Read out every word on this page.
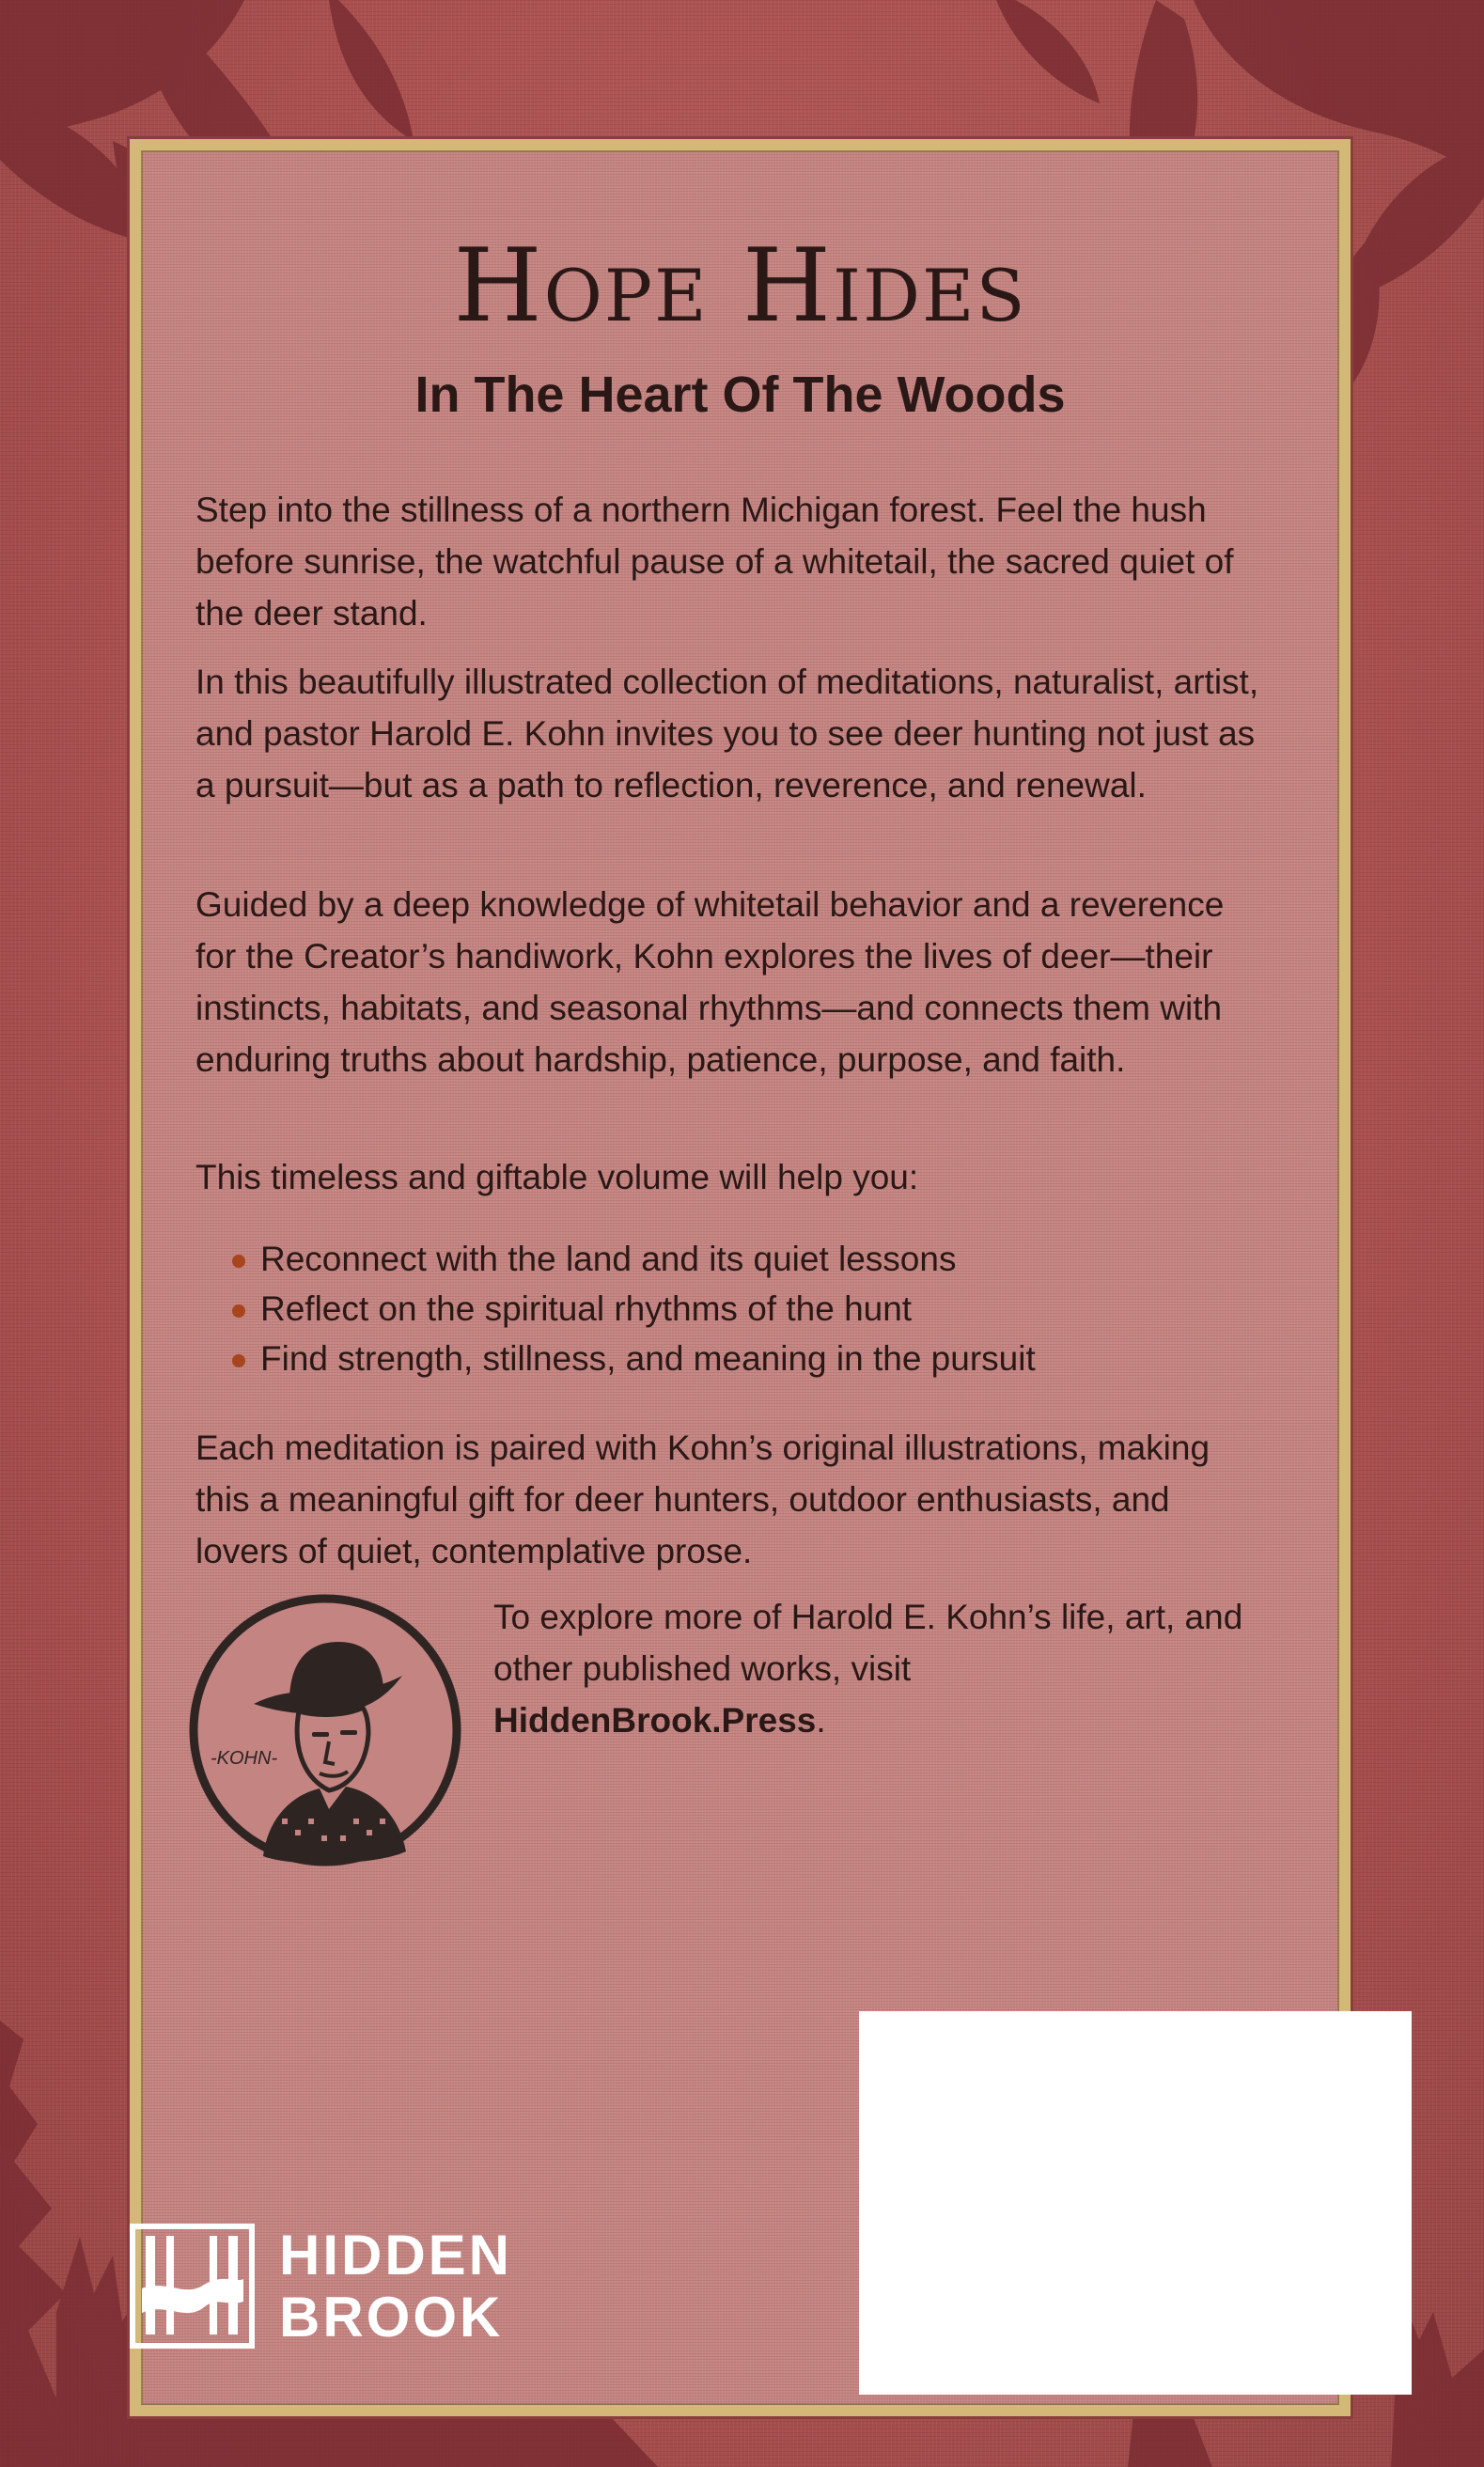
Hope Hides
In The Heart Of The Woods

Step into the stillness of a northern Michigan forest. Feel the hush before sunrise, the watchful pause of a whitetail, the sacred quiet of the deer stand.

In this beautifully illustrated collection of meditations, naturalist, artist, and pastor Harold E. Kohn invites you to see deer hunting not just as a pursuit—but as a path to reflection, reverence, and renewal.

Guided by a deep knowledge of whitetail behavior and a reverence for the Creator’s handiwork, Kohn explores the lives of deer—their instincts, habitats, and seasonal rhythms—and connects them with enduring truths about hardship, patience, purpose, and faith.

This timeless and giftable volume will help you:

Reconnect with the land and its quiet lessons
Reflect on the spiritual rhythms of the hunt
Find strength, stillness, and meaning in the pursuit

Each meditation is paired with Kohn’s original illustrations, making this a meaningful gift for deer hunters, outdoor enthusiasts, and lovers of quiet, contemplative prose.

-KOHN-

To explore more of Harold E. Kohn’s life, art, and other published works, visit HiddenBrook.Press.

HIDDEN
BROOK
